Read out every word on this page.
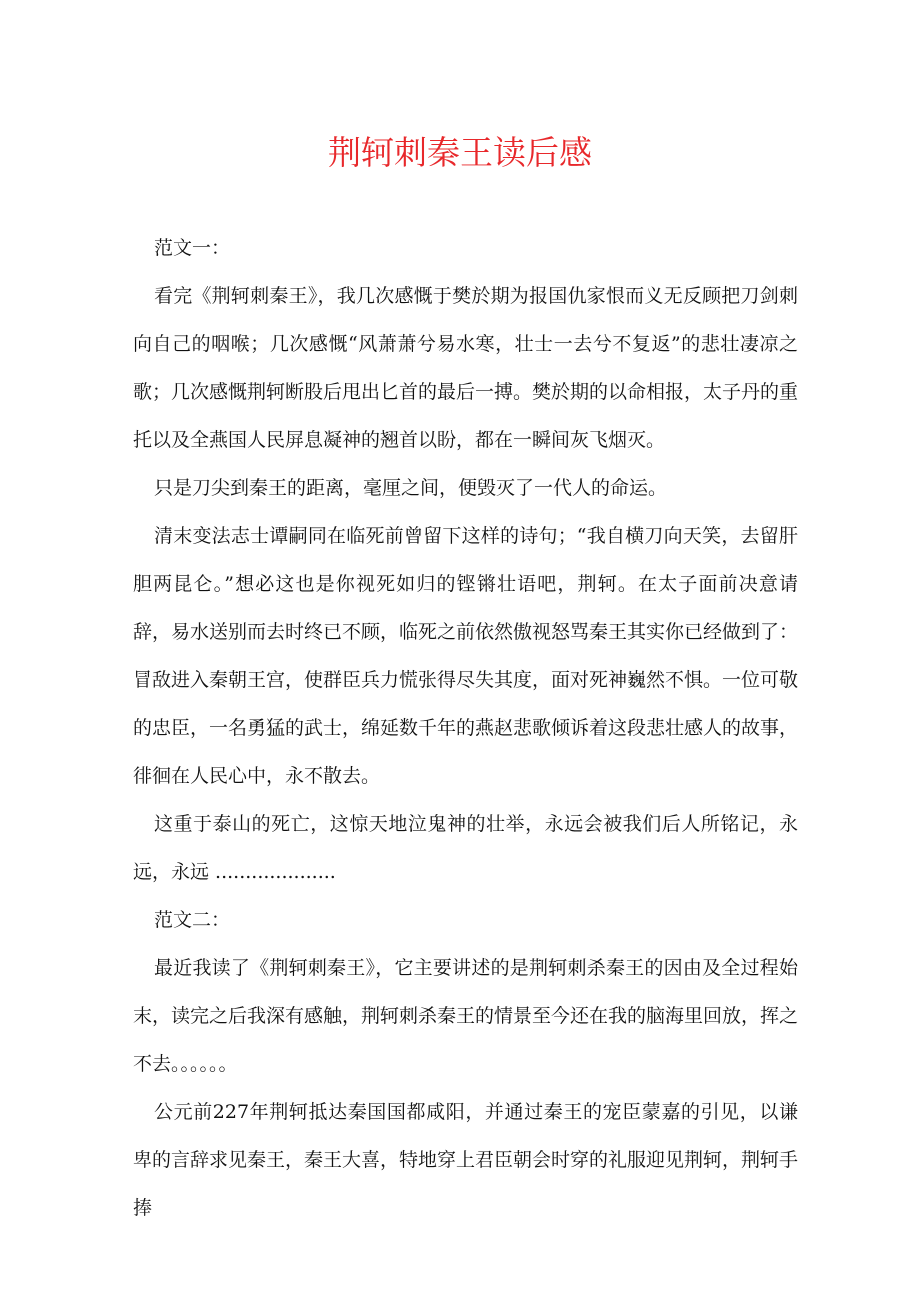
荆轲刺秦王读后感

范文一：

看完《荆轲刺秦王》，我几次感慨于樊於期为报国仇家恨而义无反顾把刀剑刺向自己的咽喉；几次感慨“风萧萧兮易水寒，壮士一去兮不复返”的悲壮凄凉之歌；几次感慨荆轲断股后甩出匕首的最后一搏。樊於期的以命相报，太子丹的重托以及全燕国人民屏息凝神的翘首以盼，都在一瞬间灰飞烟灭。

只是刀尖到秦王的距离，毫厘之间，便毁灭了一代人的命运。

清末变法志士谭嗣同在临死前曾留下这样的诗句；“我自横刀向天笑，去留肝胆两昆仑。”想必这也是你视死如归的铿锵壮语吧，荆轲。在太子面前决意请辞，易水送别而去时终已不顾，临死之前依然傲视怒骂秦王其实你已经做到了：冒敌进入秦朝王宫，使群臣兵力慌张得尽失其度，面对死神巍然不惧。一位可敬的忠臣，一名勇猛的武士，绵延数千年的燕赵悲歌倾诉着这段悲壮感人的故事，徘徊在人民心中，永不散去。

这重于泰山的死亡，这惊天地泣鬼神的壮举，永远会被我们后人所铭记，永远，永远 ....................

范文二：

最近我读了《荆轲刺秦王》，它主要讲述的是荆轲刺杀秦王的因由及全过程始末，读完之后我深有感触，荆轲刺杀秦王的情景至今还在我的脑海里回放，挥之不去。。。。。。

公元前227年荆轲抵达秦国国都咸阳，并通过秦王的宠臣蒙嘉的引见，以谦卑的言辞求见秦王，秦王大喜，特地穿上君臣朝会时穿的礼服迎见荆轲，荆轲手捧
